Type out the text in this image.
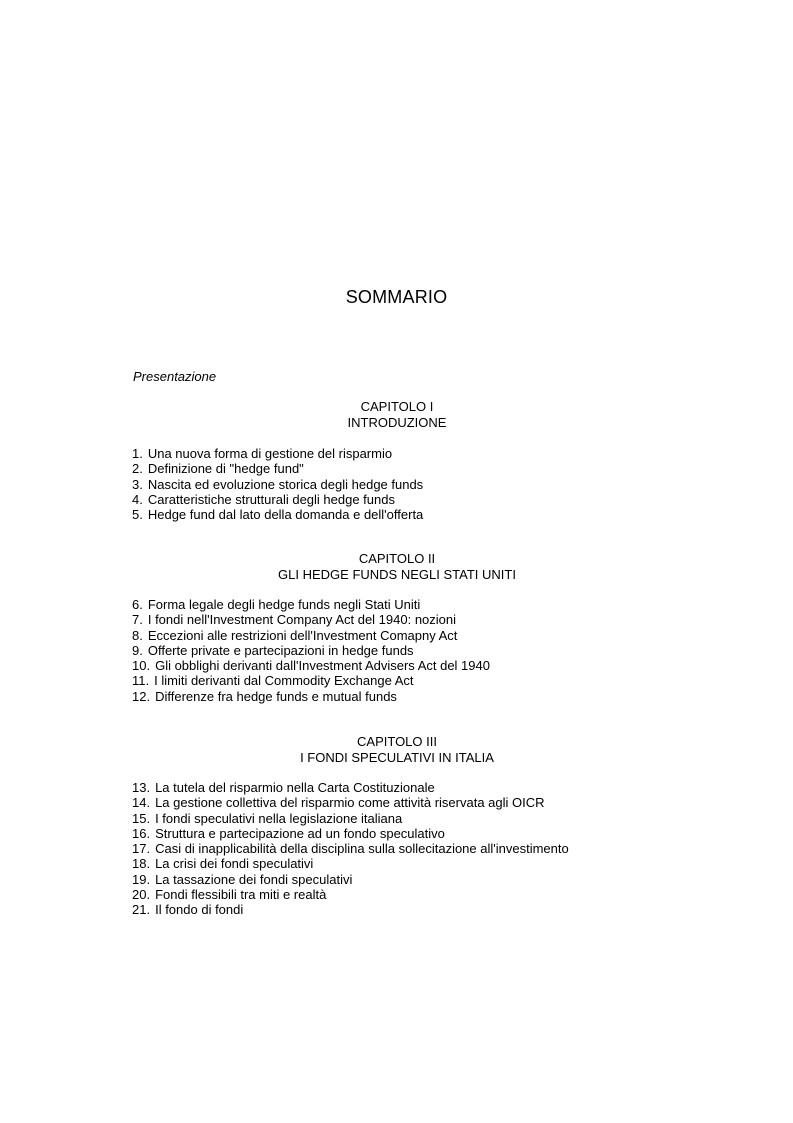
SOMMARIO
Presentazione
CAPITOLO I
INTRODUZIONE
1. Una nuova forma di gestione del risparmio
2. Definizione di "hedge fund"
3. Nascita ed evoluzione storica degli hedge funds
4. Caratteristiche strutturali degli hedge funds
5. Hedge fund dal lato della domanda e dell'offerta
CAPITOLO II
GLI HEDGE FUNDS NEGLI STATI UNITI
6. Forma legale degli hedge funds negli Stati Uniti
7. I fondi nell'Investment Company Act del 1940: nozioni
8. Eccezioni alle restrizioni dell'Investment Comapny Act
9. Offerte private e partecipazioni in hedge funds
10. Gli obblighi derivanti dall'Investment Advisers Act del 1940
11. I limiti derivanti dal Commodity Exchange Act
12. Differenze fra hedge funds e mutual funds
CAPITOLO III
I FONDI SPECULATIVI IN ITALIA
13. La tutela del risparmio nella Carta Costituzionale
14. La gestione collettiva del risparmio come attività riservata agli OICR
15. I fondi speculativi nella legislazione italiana
16. Struttura e partecipazione ad un fondo speculativo
17. Casi di inapplicabilità della disciplina sulla sollecitazione all'investimento
18. La crisi dei fondi speculativi
19. La tassazione dei fondi speculativi
20. Fondi flessibili tra miti e realtà
21. Il fondo di fondi
